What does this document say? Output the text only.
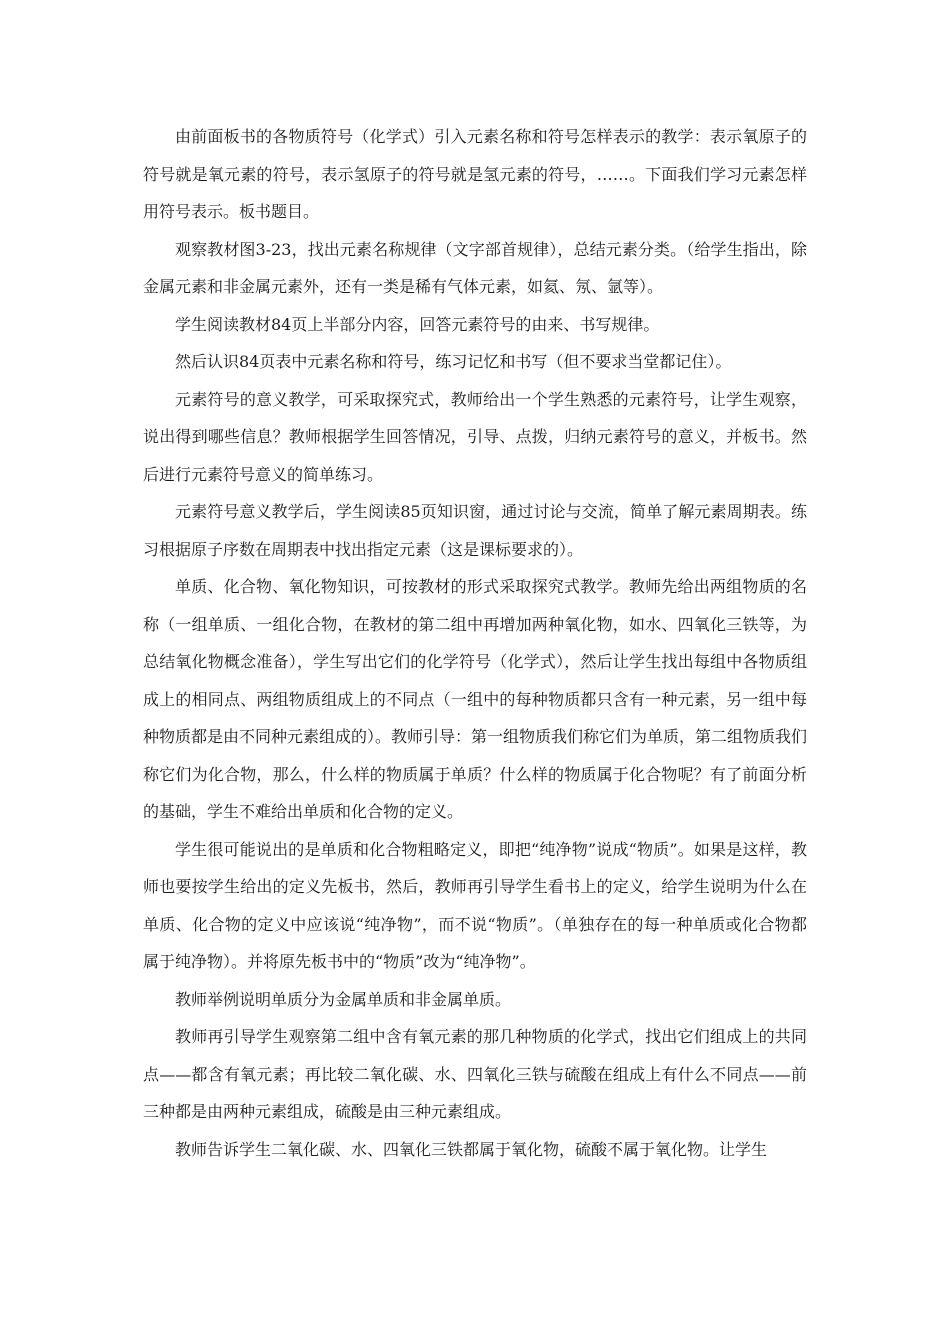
由前面板书的各物质符号（化学式）引入元素名称和符号怎样表示的教学：表示氧原子的符号就是氧元素的符号，表示氢原子的符号就是氢元素的符号，……。下面我们学习元素怎样用符号表示。板书题目。

观察教材图3-23，找出元素名称规律（文字部首规律），总结元素分类。（给学生指出，除金属元素和非金属元素外，还有一类是稀有气体元素，如氦、氖、氩等）。

学生阅读教材84页上半部分内容，回答元素符号的由来、书写规律。

然后认识84页表中元素名称和符号，练习记忆和书写（但不要求当堂都记住）。

元素符号的意义教学，可采取探究式，教师给出一个学生熟悉的元素符号，让学生观察，说出得到哪些信息？教师根据学生回答情况，引导、点拨，归纳元素符号的意义，并板书。然后进行元素符号意义的简单练习。

元素符号意义教学后，学生阅读85页知识窗，通过讨论与交流，简单了解元素周期表。练习根据原子序数在周期表中找出指定元素（这是课标要求的）。

单质、化合物、氧化物知识，可按教材的形式采取探究式教学。教师先给出两组物质的名称（一组单质、一组化合物，在教材的第二组中再增加两种氧化物，如水、四氧化三铁等，为总结氧化物概念准备），学生写出它们的化学符号（化学式），然后让学生找出每组中各物质组成上的相同点、两组物质组成上的不同点（一组中的每种物质都只含有一种元素，另一组中每种物质都是由不同种元素组成的）。教师引导：第一组物质我们称它们为单质，第二组物质我们称它们为化合物，那么，什么样的物质属于单质？什么样的物质属于化合物呢？有了前面分析的基础，学生不难给出单质和化合物的定义。

学生很可能说出的是单质和化合物粗略定义，即把“纯净物”说成“物质”。如果是这样，教师也要按学生给出的定义先板书，然后，教师再引导学生看书上的定义，给学生说明为什么在单质、化合物的定义中应该说“纯净物”，而不说“物质”。（单独存在的每一种单质或化合物都属于纯净物）。并将原先板书中的“物质”改为“纯净物”。

教师举例说明单质分为金属单质和非金属单质。

教师再引导学生观察第二组中含有氧元素的那几种物质的化学式，找出它们组成上的共同点——都含有氧元素；再比较二氧化碳、水、四氧化三铁与硫酸在组成上有什么不同点——前三种都是由两种元素组成，硫酸是由三种元素组成。

教师告诉学生二氧化碳、水、四氧化三铁都属于氧化物，硫酸不属于氧化物。让学生
